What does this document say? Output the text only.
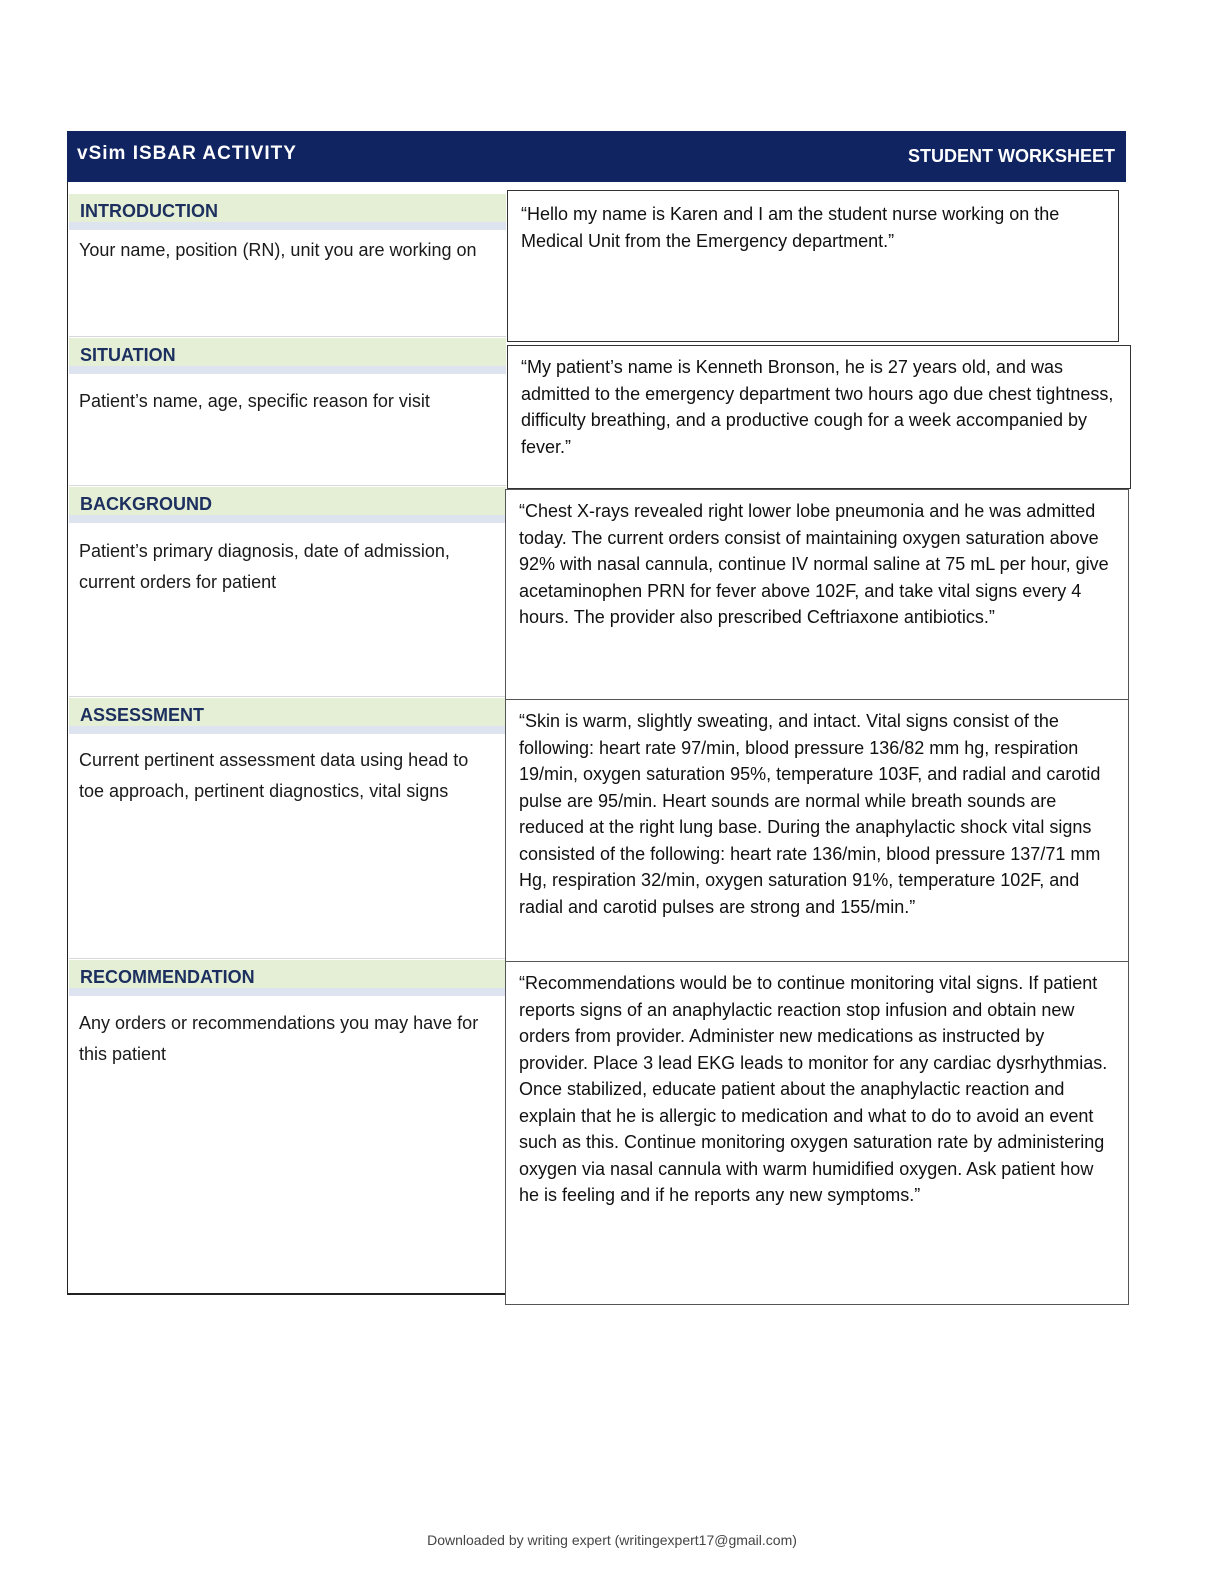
vSim ISBAR ACTIVITY	STUDENT WORKSHEET
INTRODUCTION
Your name, position (RN), unit you are working on
SITUATION
Patient’s name, age, specific reason for visit
BACKGROUND
Patient’s primary diagnosis, date of admission, current orders for patient
ASSESSMENT
Current pertinent assessment data using head to toe approach, pertinent diagnostics, vital signs
RECOMMENDATION
Any orders or recommendations you may have for this patient
“Hello my name is Karen and I am the student nurse working on the Medical Unit from the Emergency department.”
“My patient’s name is Kenneth Bronson, he is 27 years old, and was admitted to the emergency department two hours ago due chest tightness, difficulty breathing, and a productive cough for a week accompanied by fever.”
“Chest X-rays revealed right lower lobe pneumonia and he was admitted today. The current orders consist of maintaining oxygen saturation above 92% with nasal cannula, continue IV normal saline at 75 mL per hour, give acetaminophen PRN for fever above 102F, and take vital signs every 4 hours. The provider also prescribed Ceftriaxone antibiotics.”
“Skin is warm, slightly sweating, and intact. Vital signs consist of the following: heart rate 97/min, blood pressure 136/82 mm hg, respiration 19/min, oxygen saturation 95%, temperature 103F, and radial and carotid pulse are 95/min. Heart sounds are normal while breath sounds are reduced at the right lung base. During the anaphylactic shock vital signs consisted of the following: heart rate 136/min, blood pressure 137/71 mm Hg, respiration 32/min, oxygen saturation 91%, temperature 102F, and radial and carotid pulses are strong and 155/min.”
“Recommendations would be to continue monitoring vital signs. If patient reports signs of an anaphylactic reaction stop infusion and obtain new orders from provider. Administer new medications as instructed by provider. Place 3 lead EKG leads to monitor for any cardiac dysrhythmias. Once stabilized, educate patient about the anaphylactic reaction and explain that he is allergic to medication and what to do to avoid an event such as this. Continue monitoring oxygen saturation rate by administering oxygen via nasal cannula with warm humidified oxygen. Ask patient how he is feeling and if he reports any new symptoms.”
Downloaded by writing expert (writingexpert17@gmail.com)
